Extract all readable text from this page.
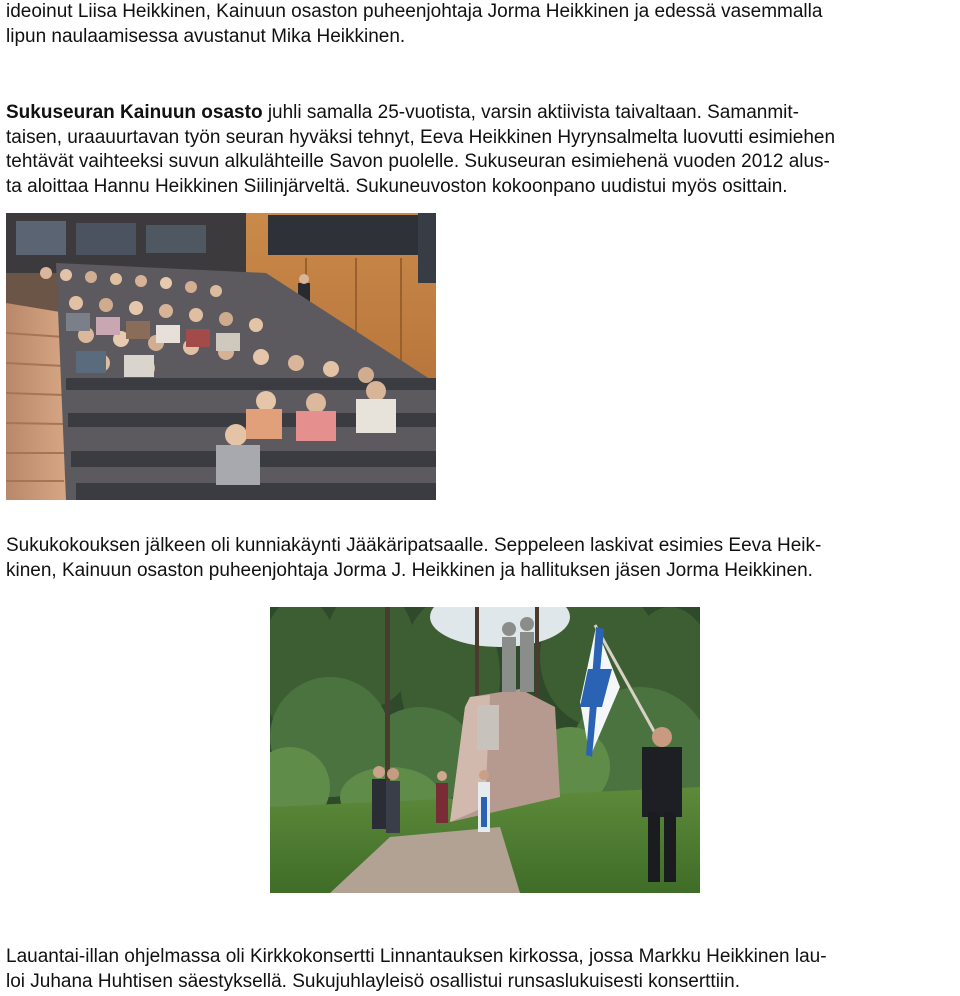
ideoinut Liisa Heikkinen, Kainuun osaston puheenjohtaja Jorma Heikkinen ja edessä vasemmalla
lipun naulaamisessa avustanut Mika Heikkinen.

Sukuseuran Kainuun osasto juhli samalla 25-vuotista, varsin aktiivista taivaltaan. Samanmit-
taisen, uraauurtavan työn seuran hyväksi tehnyt, Eeva Heikkinen Hyrynsalmelta luovutti esimiehen
tehtävät vaihteeksi suvun alkulähteille Savon puolelle. Sukuseuran esimiehenä vuoden 2012 alus-
ta aloittaa Hannu Heikkinen Siilinjärveltä. Sukuneuvoston kokoonpano uudistui myös osittain.

Sukukokouksen jälkeen oli kunniakäynti Jääkäripatsaalle. Seppeleen laskivat esimies Eeva Heik-
kinen, Kainuun osaston puheenjohtaja Jorma J. Heikkinen ja hallituksen jäsen Jorma Heikkinen.

Lauantai-illan ohjelmassa oli Kirkkokonsertti Linnantauksen kirkossa, jossa Markku Heikkinen lau-
loi Juhana Huhtisen säestyksellä. Sukujuhlayleisö osallistui runsaslukuisesti konserttiin.
